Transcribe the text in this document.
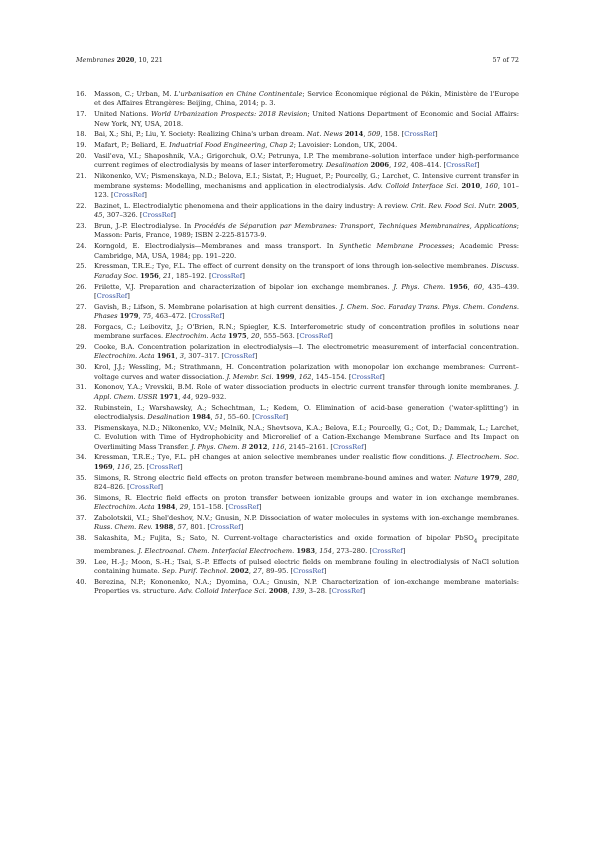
Membranes 2020, 10, 221	57 of 72
16.	Masson, C.; Urban, M. L'urbanisation en Chine Continentale; Service Économique régional de Pékin, Ministère de l'Europe et des Affaires Étrangères: Beijing, China, 2014; p. 3.
17.	United Nations. World Urbanization Prospects: 2018 Revision; United Nations Department of Economic and Social Affairs: New York, NY, USA, 2018.
18.	Bai, X.; Shi, P.; Liu, Y. Society: Realizing China's urban dream. Nat. News 2014, 509, 158. [CrossRef]
19.	Mafart, P.; Beliard, E. Induatrial Food Engineering, Chap 2; Lavoisier: London, UK, 2004.
20.	Vasil'eva, V.I.; Shaposhnik, V.A.; Grigorchuk, O.V.; Petrunya, I.P. The membrane–solution interface under high-performance current regimes of electrodialysis by means of laser interferometry. Desalination 2006, 192, 408–414. [CrossRef]
21.	Nikonenko, V.V.; Pismenskaya, N.D.; Belova, E.I.; Sistat, P.; Huguet, P.; Pourcelly, G.; Larchet, C. Intensive current transfer in membrane systems: Modelling, mechanisms and application in electrodialysis. Adv. Colloid Interface Sci. 2010, 160, 101–123. [CrossRef]
22.	Bazinet, L. Electrodialytic phenomena and their applications in the dairy industry: A review. Crit. Rev. Food Sci. Nutr. 2005, 45, 307–326. [CrossRef]
23.	Brun, J.-P. Electrodialyse. In Procédés de Séparation par Membranes: Transport, Techniques Membranaires, Applications; Masson: Paris, France, 1989; ISBN 2-225-81573-9.
24.	Korngold, E. Electrodialysis—Membranes and mass transport. In Synthetic Membrane Processes; Academic Press: Cambridge, MA, USA, 1984; pp. 191–220.
25.	Kressman, T.R.E.; Tye, F.L. The effect of current density on the transport of ions through ion-selective membranes. Discuss. Faraday Soc. 1956, 21, 185–192. [CrossRef]
26.	Frilette, V.J. Preparation and characterization of bipolar ion exchange membranes. J. Phys. Chem. 1956, 60, 435–439. [CrossRef]
27.	Gavish, B.; Lifson, S. Membrane polarisation at high current densities. J. Chem. Soc. Faraday Trans. Phys. Chem. Condens. Phases 1979, 75, 463–472. [CrossRef]
28.	Forgacs, C.; Leibovitz, J.; O'Brien, R.N.; Spiegler, K.S. Interferometric study of concentration profiles in solutions near membrane surfaces. Electrochim. Acta 1975, 20, 555–563. [CrossRef]
29.	Cooke, B.A. Concentration polarization in electrodialysis—I. The electrometric measurement of interfacial concentration. Electrochim. Acta 1961, 3, 307–317. [CrossRef]
30.	Krol, J.J.; Wessling, M.; Strathmann, H. Concentration polarization with monopolar ion exchange membranes: Current–voltage curves and water dissociation. J. Membr. Sci. 1999, 162, 145–154. [CrossRef]
31.	Kononov, Y.A.; Vrevskii, B.M. Role of water dissociation products in electric current transfer through ionite membranes. J. Appl. Chem. USSR 1971, 44, 929–932.
32.	Rubinstein, I.; Warshawsky, A.; Schechtman, L.; Kedem, O. Elimination of acid-base generation ('water-splitting') in electrodialysis. Desalination 1984, 51, 55–60. [CrossRef]
33.	Pismenskaya, N.D.; Nikonenko, V.V.; Melnik, N.A.; Shevtsova, K.A.; Belova, E.I.; Pourcelly, G.; Cot, D.; Dammak, L.; Larchet, C. Evolution with Time of Hydrophobicity and Microrelief of a Cation-Exchange Membrane Surface and Its Impact on Overlimiting Mass Transfer. J. Phys. Chem. B 2012, 116, 2145–2161. [CrossRef]
34.	Kressman, T.R.E.; Tye, F.L. pH changes at anion selective membranes under realistic flow conditions. J. Electrochem. Soc. 1969, 116, 25. [CrossRef]
35.	Simons, R. Strong electric field effects on proton transfer between membrane-bound amines and water. Nature 1979, 280, 824–826. [CrossRef]
36.	Simons, R. Electric field effects on proton transfer between ionizable groups and water in ion exchange membranes. Electrochim. Acta 1984, 29, 151–158. [CrossRef]
37.	Zabolotskii, V.I.; Shel'deshov, N.V.; Gnusin, N.P. Dissociation of water molecules in systems with ion-exchange membranes. Russ. Chem. Rev. 1988, 57, 801. [CrossRef]
38.	Sakashita, M.; Fujita, S.; Sato, N. Current-voltage characteristics and oxide formation of bipolar PbSO$_4$ precipitate membranes. J. Electroanal. Chem. Interfacial Electrochem. 1983, 154, 273–280. [CrossRef]
39.	Lee, H.-J.; Moon, S.-H.; Tsai, S.-P. Effects of pulsed electric fields on membrane fouling in electrodialysis of NaCl solution containing humate. Sep. Purif. Technol. 2002, 27, 89–95. [CrossRef]
40.	Berezina, N.P.; Kononenko, N.A.; Dyomina, O.A.; Gnusin, N.P. Characterization of ion-exchange membrane materials: Properties vs. structure. Adv. Colloid Interface Sci. 2008, 139, 3–28. [CrossRef]
